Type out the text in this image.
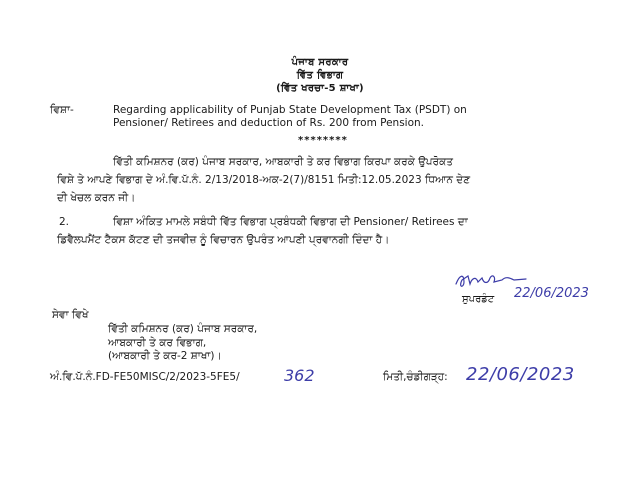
ਪੰਜਾਬ ਸਰਕਾਰ
ਵਿੱਤ ਵਿਭਾਗ
(ਵਿੱਤ ਖਰਚਾ-5 ਸ਼ਾਖਾ)
ਵਿਸ਼ਾ-	Regarding applicability of Punjab State Development Tax (PSDT) on
Pensioner/ Retirees and deduction of Rs. 200 from Pension.
********
ਵਿੱਤੀ ਕਮਿਸ਼ਨਰ (ਕਰ) ਪੰਜਾਬ ਸਰਕਾਰ, ਆਬਕਾਰੀ ਤੇ ਕਰ ਵਿਭਾਗ ਕਿਰਪਾ ਕਰਕੇ ਉਪਰੋਕਤ
ਵਿਸ਼ੇ ਤੇ ਆਪਣੇ ਵਿਭਾਗ ਦੇ ਅੰ.ਵਿ.ਪੱ.ਨੰ. 2/13/2018-ਅਕ-2(7)/8151 ਮਿਤੀ:12.05.2023 ਧਿਆਨ ਦੇਣ
ਦੀ ਖੇਚਲ ਕਰਨ ਜੀ।
2.	ਵਿਸ਼ਾ ਅੰਕਿਤ ਮਾਮਲੇ ਸਬੰਧੀ ਵਿੱਤ ਵਿਭਾਗ ਪ੍ਰਬੰਧਕੀ ਵਿਭਾਗ ਦੀ Pensioner/ Retirees ਦਾ
ਡਿਵੈਲਪਮੈਂਟ ਟੈਕਸ ਕੱਟਣ ਦੀ ਤਜਵੀਜ਼ ਨੂੰ ਵਿਚਾਰਨ ਉਪਰੰਤ ਆਪਣੀ ਪ੍ਰਵਾਨਗੀ ਦਿੰਦਾ ਹੈ।
ਸੁਪਰਡੰਟ 22/06/2023
ਸੇਵਾ ਵਿਖੇ
ਵਿੱਤੀ ਕਮਿਸ਼ਨਰ (ਕਰ) ਪੰਜਾਬ ਸਰਕਾਰ,
ਆਬਕਾਰੀ ਤੇ ਕਰ ਵਿਭਾਗ,
(ਆਬਕਾਰੀ ਤੇ ਕਰ-2 ਸ਼ਾਖਾ)।
ਅੰ.ਵਿ.ਪੱ.ਨੰ.FD-FE50MISC/2/2023-5FE5/	362	ਮਿਤੀ,ਚੰਡੀਗੜ੍ਹ: 22/06/2023
